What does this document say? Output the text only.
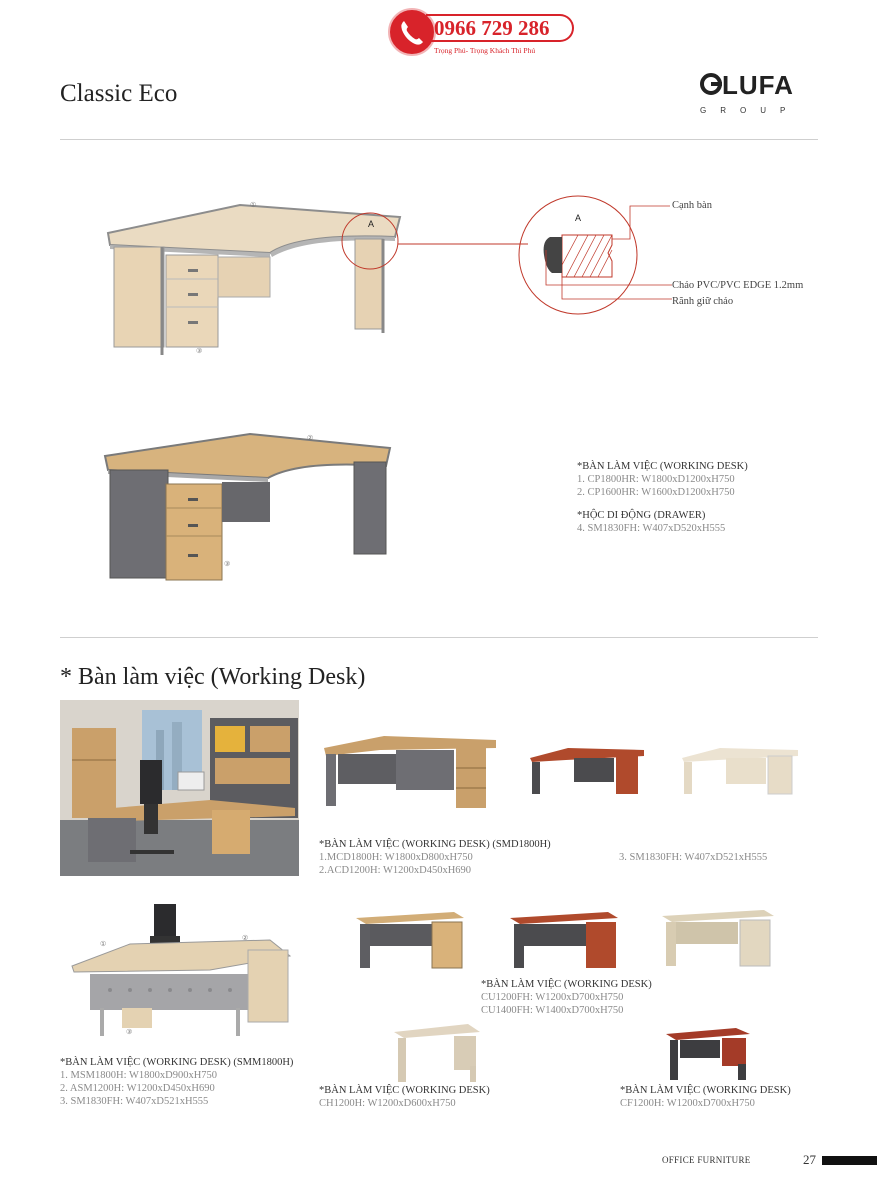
0966 729 286
Trọng Phú- Trọng Khách Thì Phú
Classic Eco	LUFA
GROUP
①
③
A
A
Cạnh bàn
Chảo PVC/PVC EDGE 1.2mm
Rãnh giữ chảo
②
③
*BÀN LÀM VIỆC (WORKING DESK)
1. CP1800HR: W1800xD1200xH750
2. CP1600HR: W1600xD1200xH750
*HỘC DI ĐỘNG (DRAWER)
4. SM1830FH: W407xD520xH555
* Bàn làm việc (Working Desk)
*BÀN LÀM VIỆC (WORKING DESK) (SMD1800H)
1.MCD1800H: W1800xD800xH750
2.ACD1200H: W1200xD450xH690
3. SM1830FH: W407xD521xH555
①
②
③
*BÀN LÀM VIỆC (WORKING DESK) (SMM1800H)
1. MSM1800H: W1800xD900xH750
2. ASM1200H: W1200xD450xH690
3. SM1830FH: W407xD521xH555
*BÀN LÀM VIỆC (WORKING DESK)
CU1200FH: W1200xD700xH750
CU1400FH: W1400xD700xH750
*BÀN LÀM VIỆC (WORKING DESK)
CH1200H: W1200xD600xH750
*BÀN LÀM VIỆC (WORKING DESK)
CF1200H: W1200xD700xH750
OFFICE FURNITURE	27
